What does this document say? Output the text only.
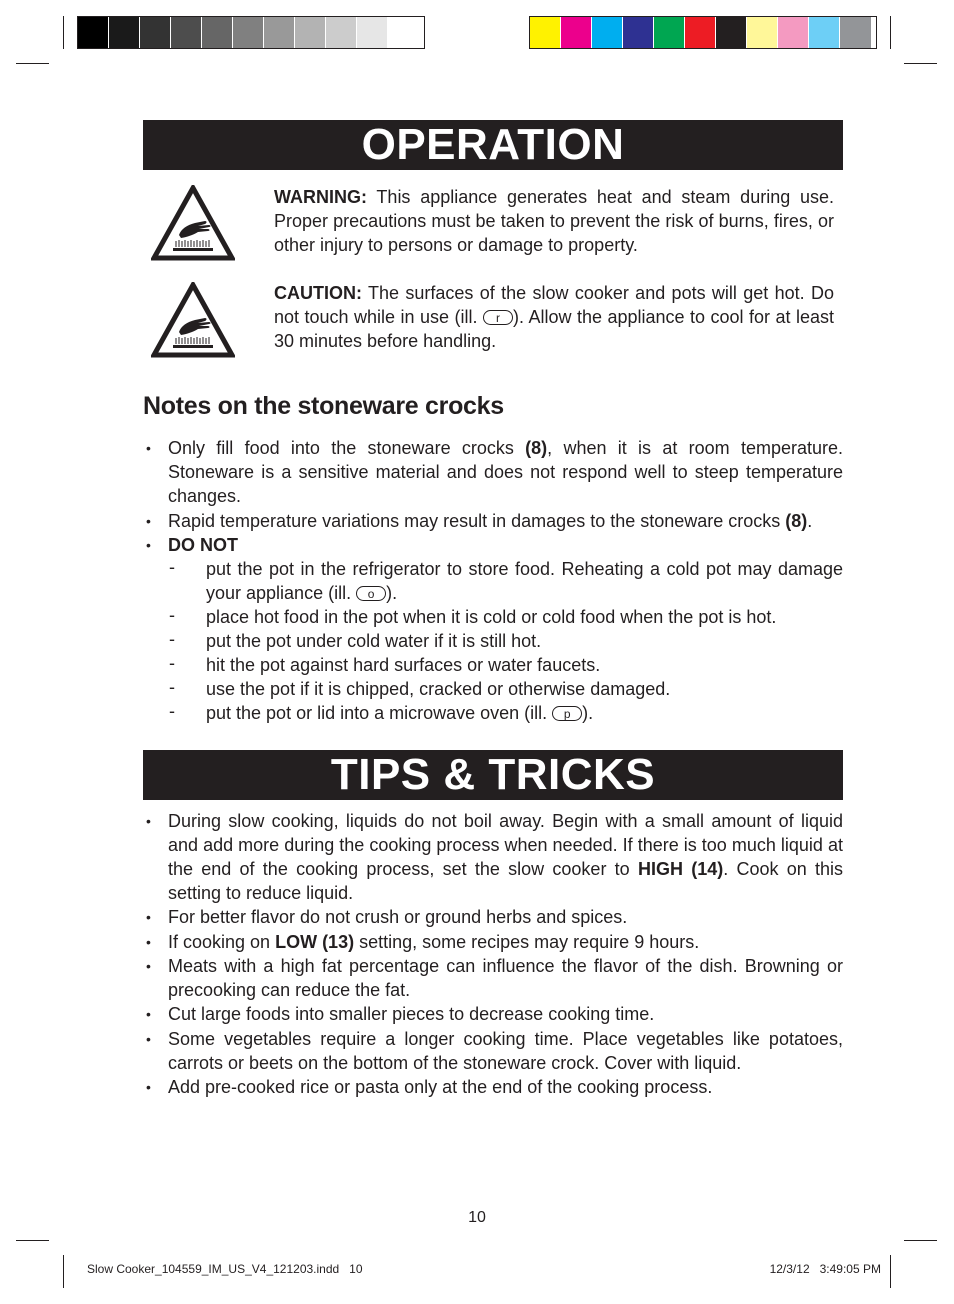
OPERATION
WARNING: This appliance generates heat and steam during use. Proper precautions must be taken to prevent the risk of burns, fires, or other injury to persons or damage to property.
CAUTION: The surfaces of the slow cooker and pots will get hot. Do not touch while in use (ill. r ). Allow the appliance to cool for at least 30 minutes before handling.
Notes on the stoneware crocks
• Only fill food into the stoneware crocks (8), when it is at room temperature. Stoneware is a sensitive material and does not respond well to steep temperature changes.
• Rapid temperature variations may result in damages to the stoneware crocks (8).
• DO NOT
- put the pot in the refrigerator to store food. Reheating a cold pot may damage your appliance (ill. o ).
- place hot food in the pot when it is cold or cold food when the pot is hot.
- put the pot under cold water if it is still hot.
- hit the pot against hard surfaces or water faucets.
- use the pot if it is chipped, cracked or otherwise damaged.
- put the pot or lid into a microwave oven (ill. p ).
TIPS & TRICKS
• During slow cooking, liquids do not boil away. Begin with a small amount of liquid and add more during the cooking process when needed. If there is too much liquid at the end of the cooking process, set the slow cooker to HIGH (14). Cook on this setting to reduce liquid.
• For better flavor do not crush or ground herbs and spices.
• If cooking on LOW (13) setting, some recipes may require 9 hours.
• Meats with a high fat percentage can influence the flavor of the dish. Browning or precooking can reduce the fat.
• Cut large foods into smaller pieces to decrease cooking time.
• Some vegetables require a longer cooking time. Place vegetables like potatoes, carrots or beets on the bottom of the stoneware crock. Cover with liquid.
• Add pre-cooked rice or pasta only at the end of the cooking process.
10
Slow Cooker_104559_IM_US_V4_121203.indd   10	12/3/12   3:49:05 PM
